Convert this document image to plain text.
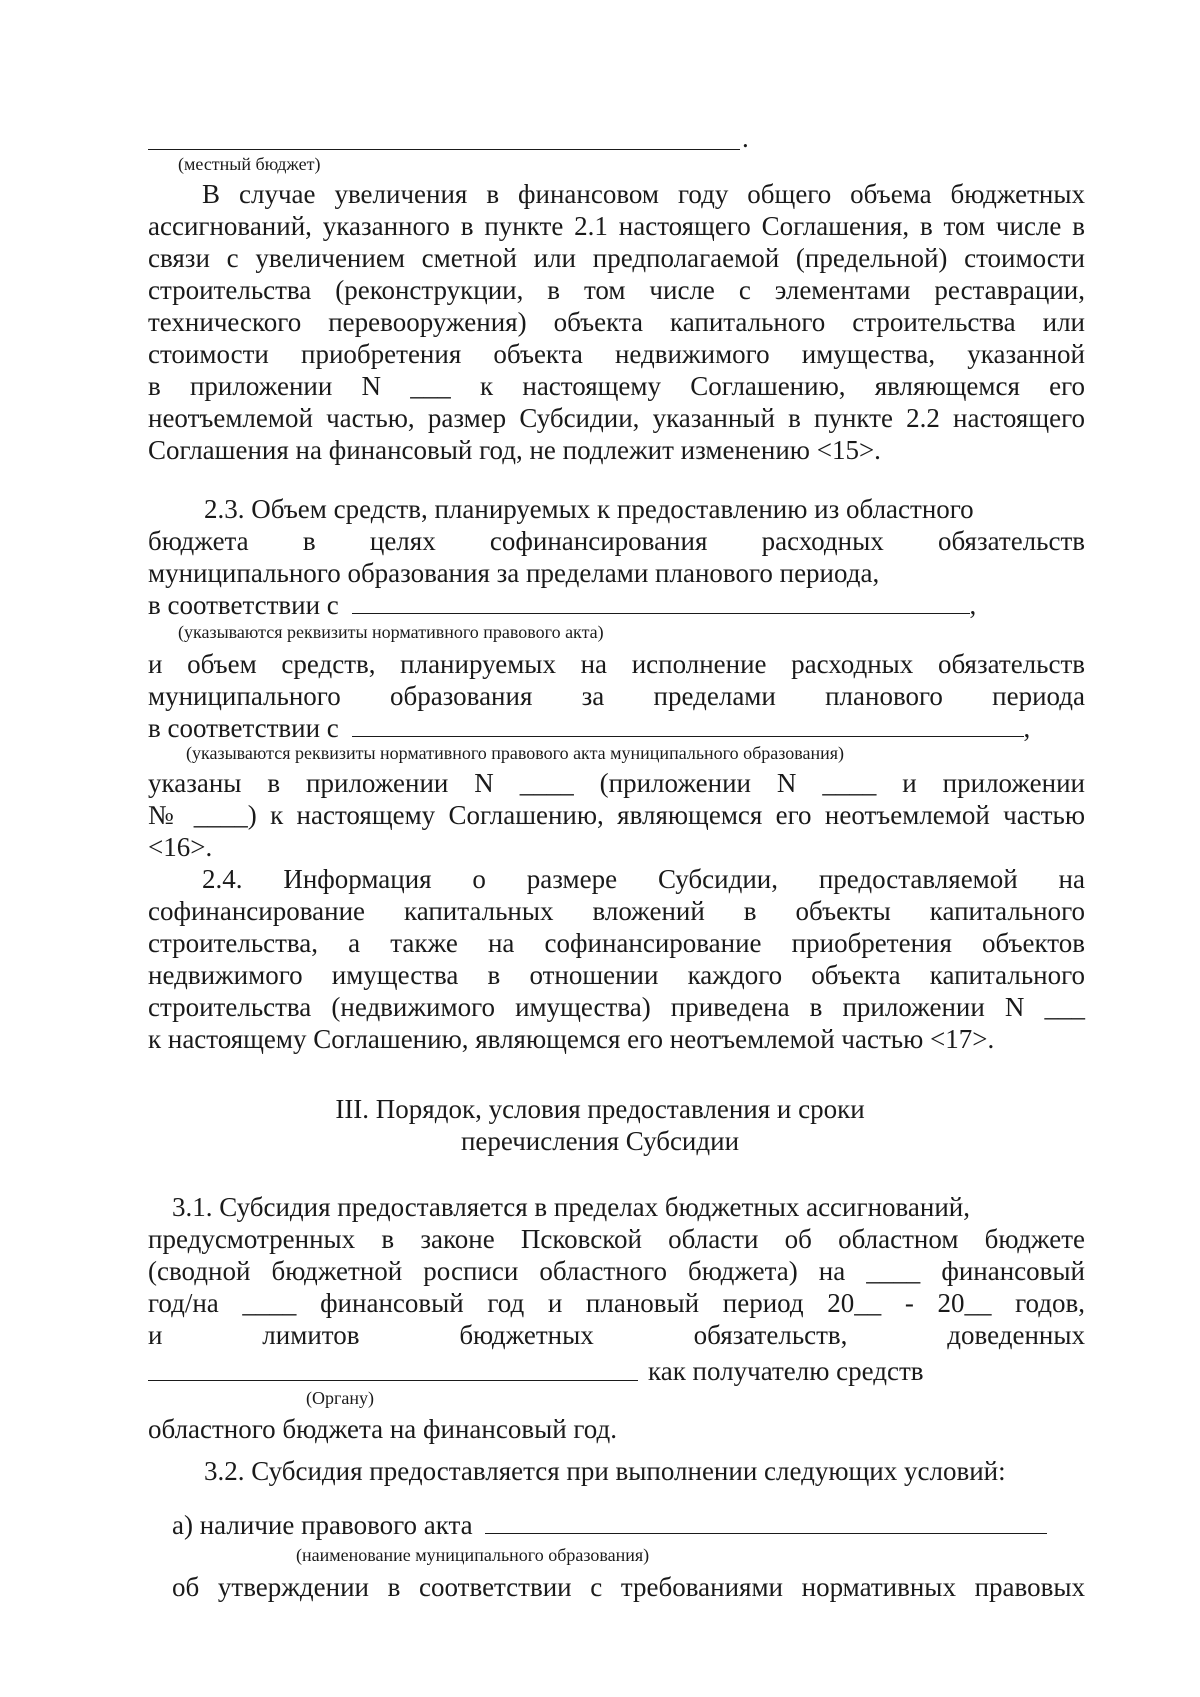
.
(местный бюджет)
В случае увеличения в финансовом году общего объема бюджетных
ассигнований, указанного в пункте 2.1 настоящего Соглашения, в том числе в
связи с увеличением сметной или предполагаемой (предельной) стоимости
строительства (реконструкции, в том числе с элементами реставрации,
технического перевооружения) объекта капитального строительства или
стоимости приобретения объекта недвижимого имущества, указанной
в приложении N ___ к настоящему Соглашению, являющемся его
неотъемлемой частью, размер Субсидии, указанный в пункте 2.2 настоящего
Соглашения на финансовый год, не подлежит изменению <15>.
2.3. Объем средств, планируемых к предоставлению из областного
бюджета в целях софинансирования расходных обязательств
муниципального образования за пределами планового периода,
в соответствии с	,
(указываются реквизиты нормативного правового акта)
и объем средств, планируемых на исполнение расходных обязательств
муниципального образования за пределами планового периода
в соответствии с	,
(указываются реквизиты нормативного правового акта муниципального образования)
указаны в приложении N ____ (приложении N ____ и приложении
№ ____) к настоящему Соглашению, являющемся его неотъемлемой частью
<16>.
2.4. Информация о размере Субсидии, предоставляемой на
софинансирование капитальных вложений в объекты капитального
строительства, а также на софинансирование приобретения объектов
недвижимого имущества в отношении каждого объекта капитального
строительства (недвижимого имущества) приведена в приложении N ___
к настоящему Соглашению, являющемся его неотъемлемой частью <17>.
III. Порядок, условия предоставления и сроки
перечисления Субсидии
3.1. Субсидия предоставляется в пределах бюджетных ассигнований,
предусмотренных в законе Псковской области об областном бюджете
(сводной бюджетной росписи областного бюджета) на ____ финансовый
год/на ____ финансовый год и плановый период 20__ - 20__ годов,
и лимитов бюджетных обязательств, доведенных
как получателю средств
(Органу)
областного бюджета на финансовый год.
3.2. Субсидия предоставляется при выполнении следующих условий:
а) наличие правового акта
(наименование муниципального образования)
об утверждении в соответствии с требованиями нормативных правовых
